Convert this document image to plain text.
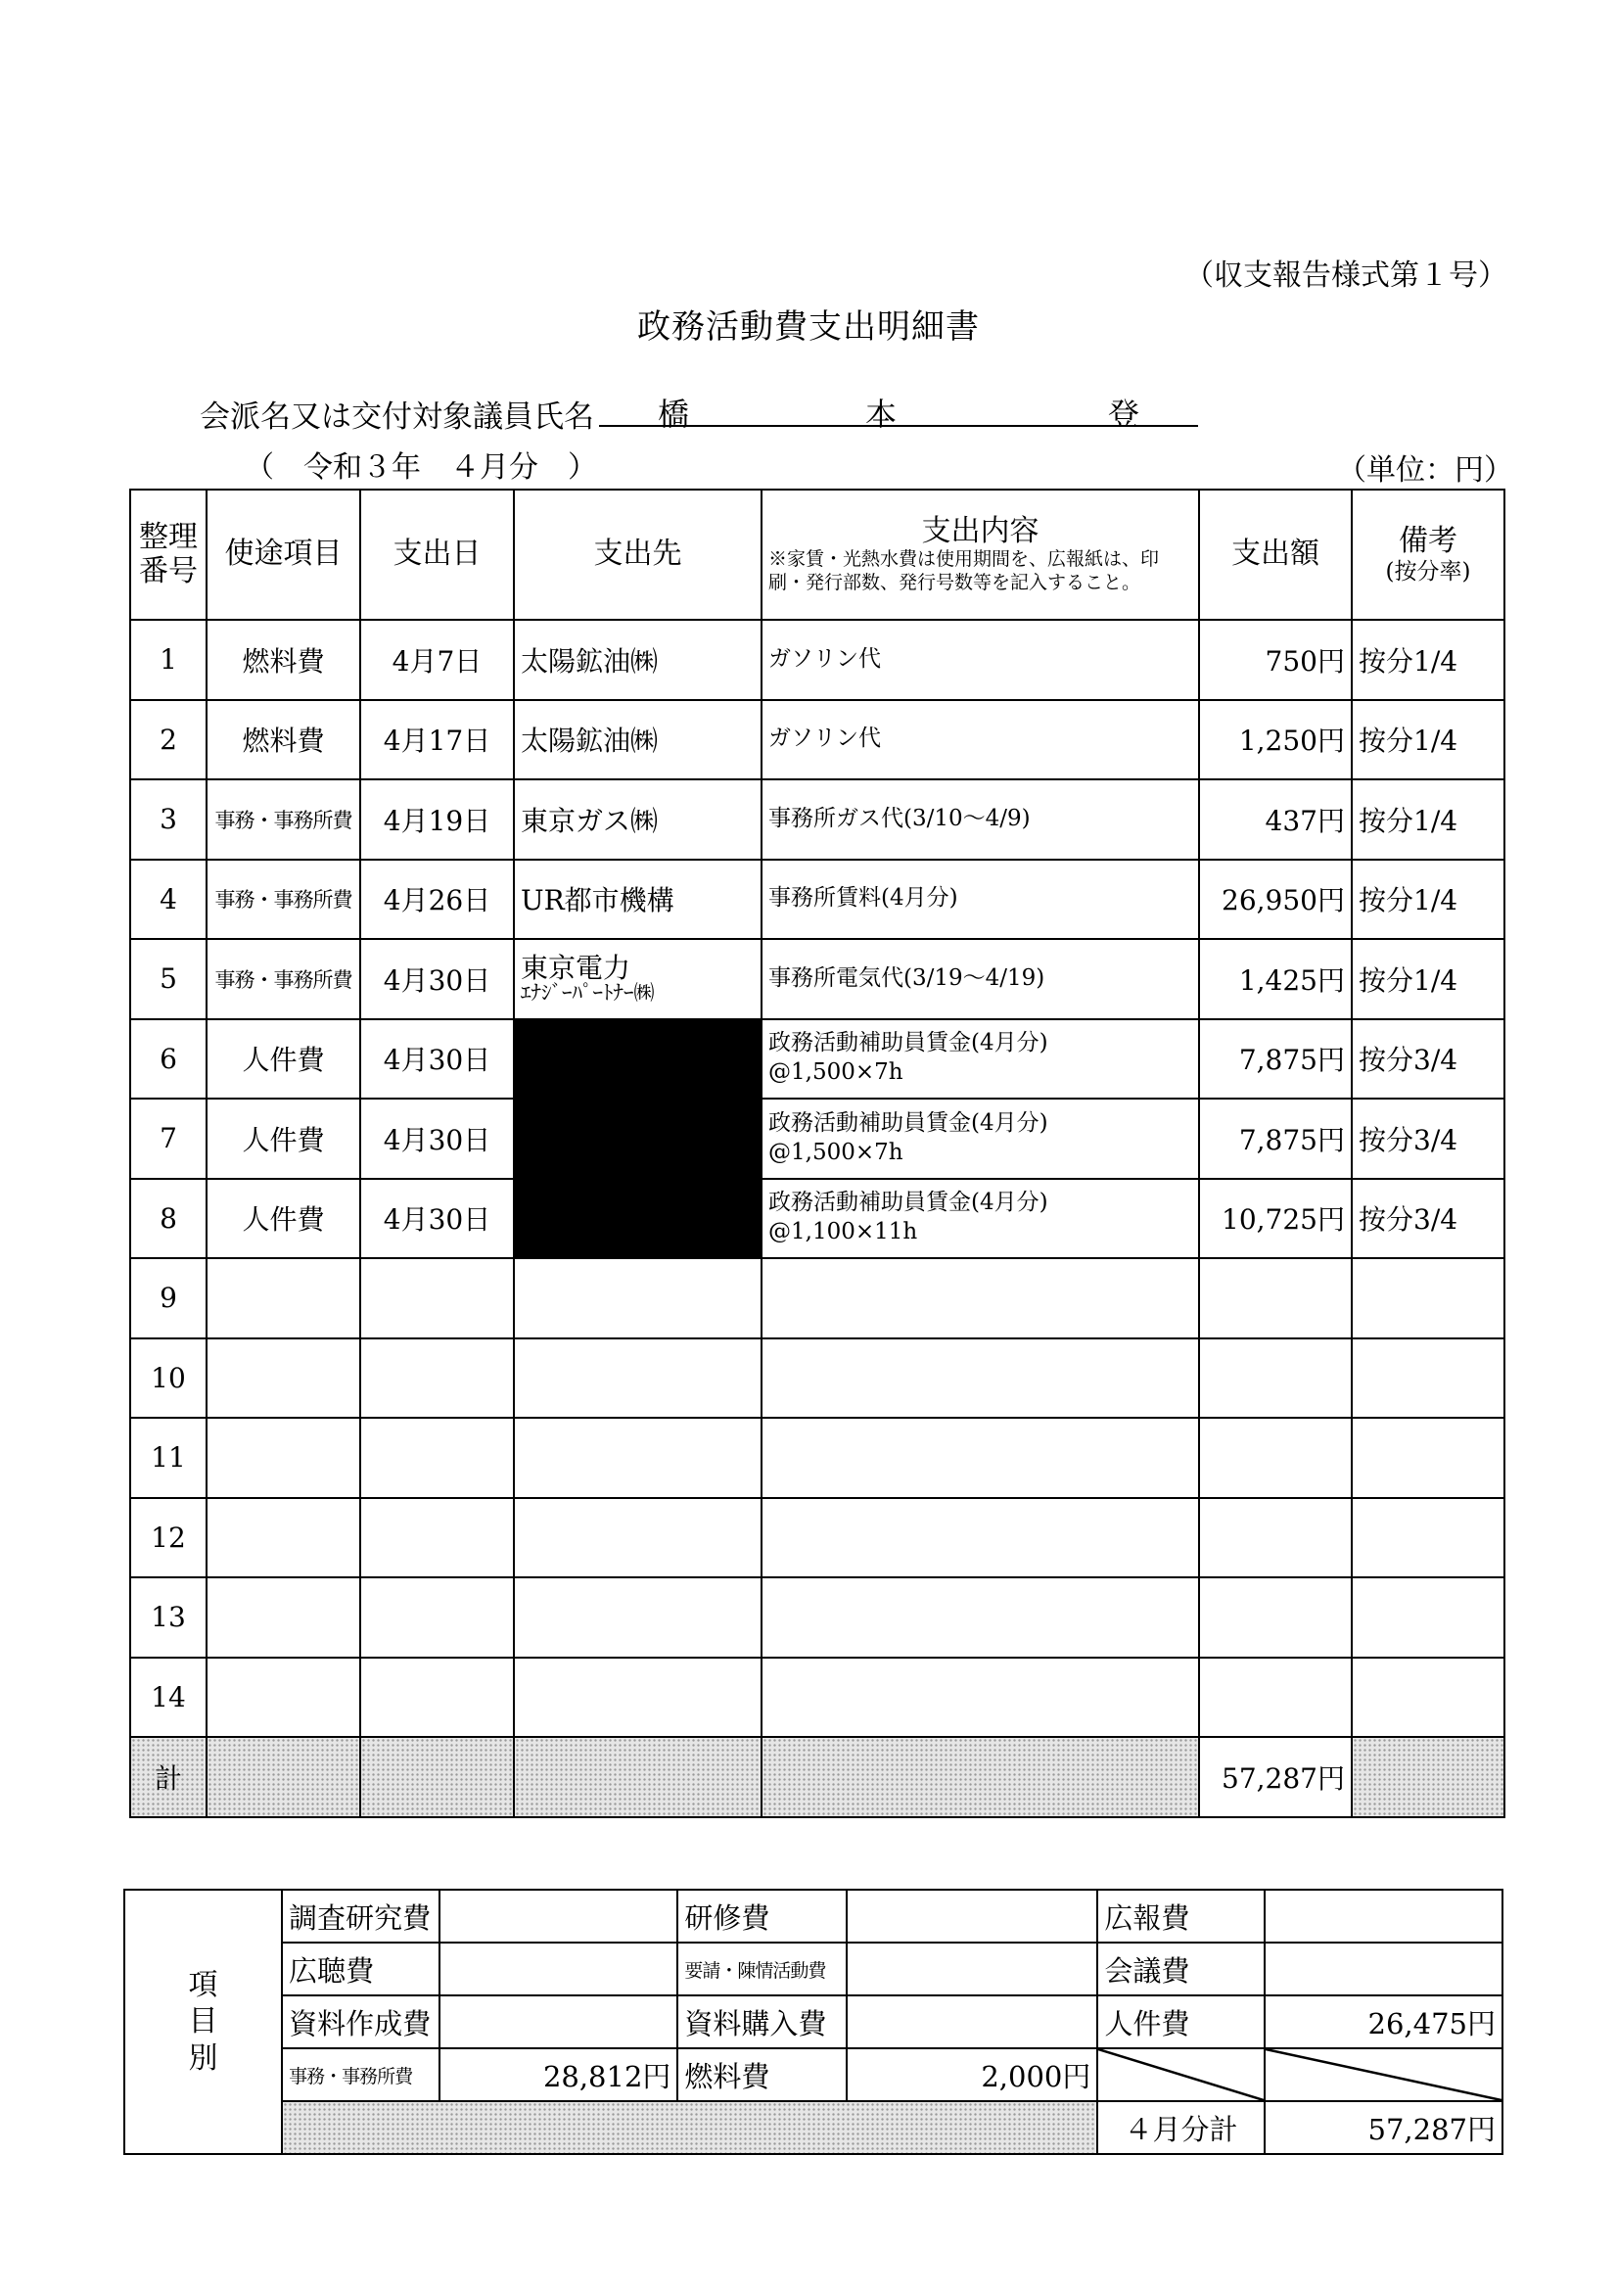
（収支報告様式第１号）
政務活動費支出明細書
会派名又は交付対象議員氏名 橋	本	登
（　令和３年　４月分　）	（単位：円）
整理
番号	使途項目	支出日	支出先	支出内容
※家賃・光熱水費は使用期間を、広報紙は、印刷・発行部数、発行号数等を記入すること。	支出額	備考
(按分率)

1	燃料費	4月7日	太陽鉱油㈱	ガソリン代	750円	按分1/4
2	燃料費	4月17日	太陽鉱油㈱	ガソリン代	1,250円	按分1/4
3	事務・事務所費	4月19日	東京ガス㈱	事務所ガス代(3/10～4/9)	437円	按分1/4
4	事務・事務所費	4月26日	UR都市機構	事務所賃料(4月分)	26,950円	按分1/4
5	事務・事務所費	4月30日	東京電力
ｴﾅｼﾞｰﾊﾟｰﾄﾅｰ㈱	事務所電気代(3/19～4/19)	1,425円	按分1/4
6	人件費	4月30日		政務活動補助員賃金(4月分)
@1,500×7h	7,875円	按分3/4
7	人件費	4月30日		政務活動補助員賃金(4月分)
@1,500×7h	7,875円	按分3/4
8	人件費	4月30日		政務活動補助員賃金(4月分)
@1,100×11h	10,725円	按分3/4
9						
10						
11						
12						
13						
14						
計					57,287円	
項
目
別	調査研究費		研修費		広報費	
	広聴費		要請・陳情活動費		会議費	
	資料作成費		資料購入費		人件費	26,475円
	事務・事務所費	28,812円	燃料費	2,000円		
					４月分計	57,287円
